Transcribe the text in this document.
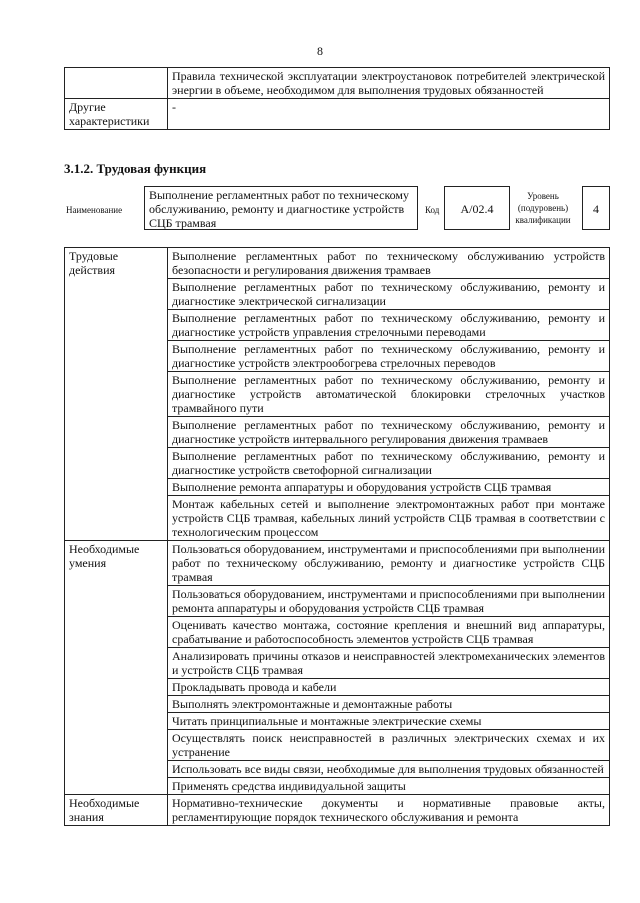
8
	Правила технической эксплуатации электроустановок потребителей электрической энергии в объеме, необходимом для выполнения трудовых обязанностей
Другие характеристики	-
3.1.2. Трудовая функция
Наименование
Выполнение регламентных работ по техническому обслуживанию, ремонту и диагностике устройств СЦБ трамвая
Код	A/02.4
Уровень (подуровень) квалификации
4
Трудовые действия	Выполнение регламентных работ по техническому обслуживанию устройств безопасности и регулирования движения трамваев
	Выполнение регламентных работ по техническому обслуживанию, ремонту и диагностике электрической сигнализации
	Выполнение регламентных работ по техническому обслуживанию, ремонту и диагностике устройств управления стрелочными переводами
	Выполнение регламентных работ по техническому обслуживанию, ремонту и диагностике устройств электрообогрева стрелочных переводов
	Выполнение регламентных работ по техническому обслуживанию, ремонту и диагностике устройств автоматической блокировки стрелочных участков трамвайного пути
	Выполнение регламентных работ по техническому обслуживанию, ремонту и диагностике устройств интервального регулирования движения трамваев
	Выполнение регламентных работ по техническому обслуживанию, ремонту и диагностике устройств светофорной сигнализации
	Выполнение ремонта аппаратуры и оборудования устройств СЦБ трамвая
	Монтаж кабельных сетей и выполнение электромонтажных работ при монтаже устройств СЦБ трамвая, кабельных линий устройств СЦБ трамвая в соответствии с технологическим процессом
Необходимые умения	Пользоваться оборудованием, инструментами и приспособлениями при выполнении работ по техническому обслуживанию, ремонту и диагностике устройств СЦБ трамвая
	Пользоваться оборудованием, инструментами и приспособлениями при выполнении ремонта аппаратуры и оборудования устройств СЦБ трамвая
	Оценивать качество монтажа, состояние крепления и внешний вид аппаратуры, срабатывание и работоспособность элементов устройств СЦБ трамвая
	Анализировать причины отказов и неисправностей электромеханических элементов и устройств СЦБ трамвая
	Прокладывать провода и кабели
	Выполнять электромонтажные и демонтажные работы
	Читать принципиальные и монтажные электрические схемы
	Осуществлять поиск неисправностей в различных электрических схемах и их устранение
	Использовать все виды связи, необходимые для выполнения трудовых обязанностей
	Применять средства индивидуальной защиты
Необходимые знания	Нормативно-технические документы и нормативные правовые акты, регламентирующие порядок технического обслуживания и ремонта
